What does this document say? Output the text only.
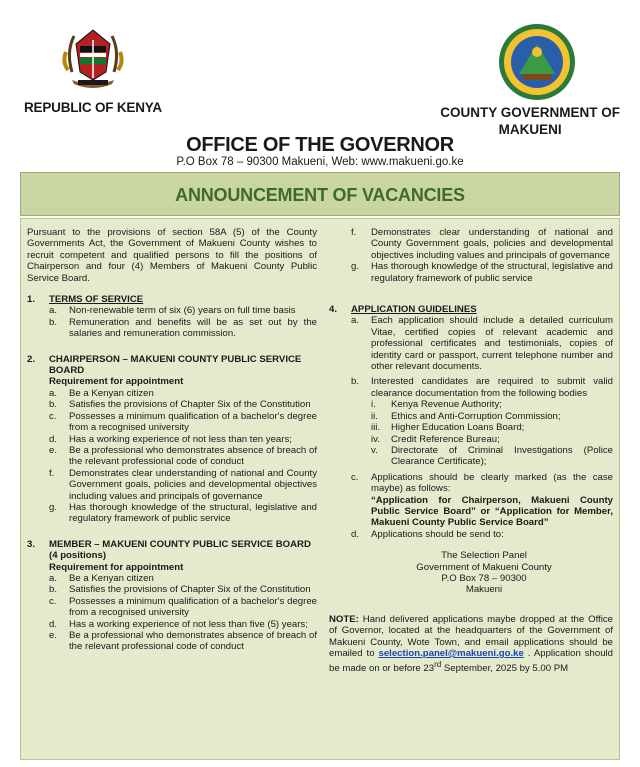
REPUBLIC OF KENYA	COUNTY GOVERNMENT OF
MAKUENI
OFFICE OF THE GOVERNOR
P.O Box 78 – 90300 Makueni, Web: www.makueni.go.ke
ANNOUNCEMENT OF VACANCIES

Pursuant to the provisions of section 58A (5) of the County Governments Act, the Government of Makueni County wishes to recruit competent and qualified persons to fill the positions of Chairperson and four (4) Members of Makueni County Public Service Board.

1.	TERMS OF SERVICE
a.	Non-renewable term of six (6) years on full time basis
b.	Remuneration and benefits will be as set out by the salaries and remuneration commission.
2.	CHAIRPERSON – MAKUENI COUNTY PUBLIC SERVICE BOARD
Requirement for appointment
a.	Be a Kenyan citizen
b.	Satisfies the provisions of Chapter Six of the Constitution
c.	Possesses a minimum qualification of a bachelor's degree from a recognised university
d.	Has a working experience of not less than ten years;
e.	Be a professional who demonstrates absence of breach of the relevant professional code of conduct
f.	Demonstrates clear understanding of national and County Government goals, policies and developmental objectives including values and principals of governance
g.	Has thorough knowledge of the structural, legislative and regulatory framework of public service
3.	MEMBER – MAKUENI COUNTY PUBLIC SERVICE BOARD
(4 positions)
Requirement for appointment
a.	Be a Kenyan citizen
b.	Satisfies the provisions of Chapter Six of the Constitution
c.	Possesses a minimum qualification of a bachelor's degree from a recognised university
d.	Has a working experience of not less than five (5) years;
e.	Be a professional who demonstrates absence of breach of the relevant professional code of conduct
f.	Demonstrates clear understanding of national and County Government goals, policies and developmental objectives including values and principals of governance
g.	Has thorough knowledge of the structural, legislative and regulatory framework of public service
4.	APPLICATION GUIDELINES
a.	Each application should include a detailed curriculum Vitae, certified copies of relevant academic and professional certificates and testimonials, copies of identity card or passport, current telephone number and other relevant documents.
b.	Interested candidates are required to submit valid clearance documentation from the following bodies
i.	Kenya Revenue Authority;
ii.	Ethics and Anti-Corruption Commission;
iii.	Higher Education Loans Board;
iv.	Credit Reference Bureau;
v.	Directorate of Criminal Investigations (Police Clearance Certificate);
c.	Applications should be clearly marked (as the case maybe) as follows:
“Application for Chairperson, Makueni County Public Service Board” or “Application for Member, Makueni County Public Service Board”
d.	Applications should be send to:
The Selection Panel
Government of Makueni County
P.O Box 78 – 90300
Makueni

NOTE: Hand delivered applications maybe dropped at the Office of Governor, located at the headquarters of the Government of Makueni County, Wote Town, and email applications should be emailed to selection.panel@makueni.go.ke . Application should be made on or before 23rd September, 2025 by 5.00 PM
